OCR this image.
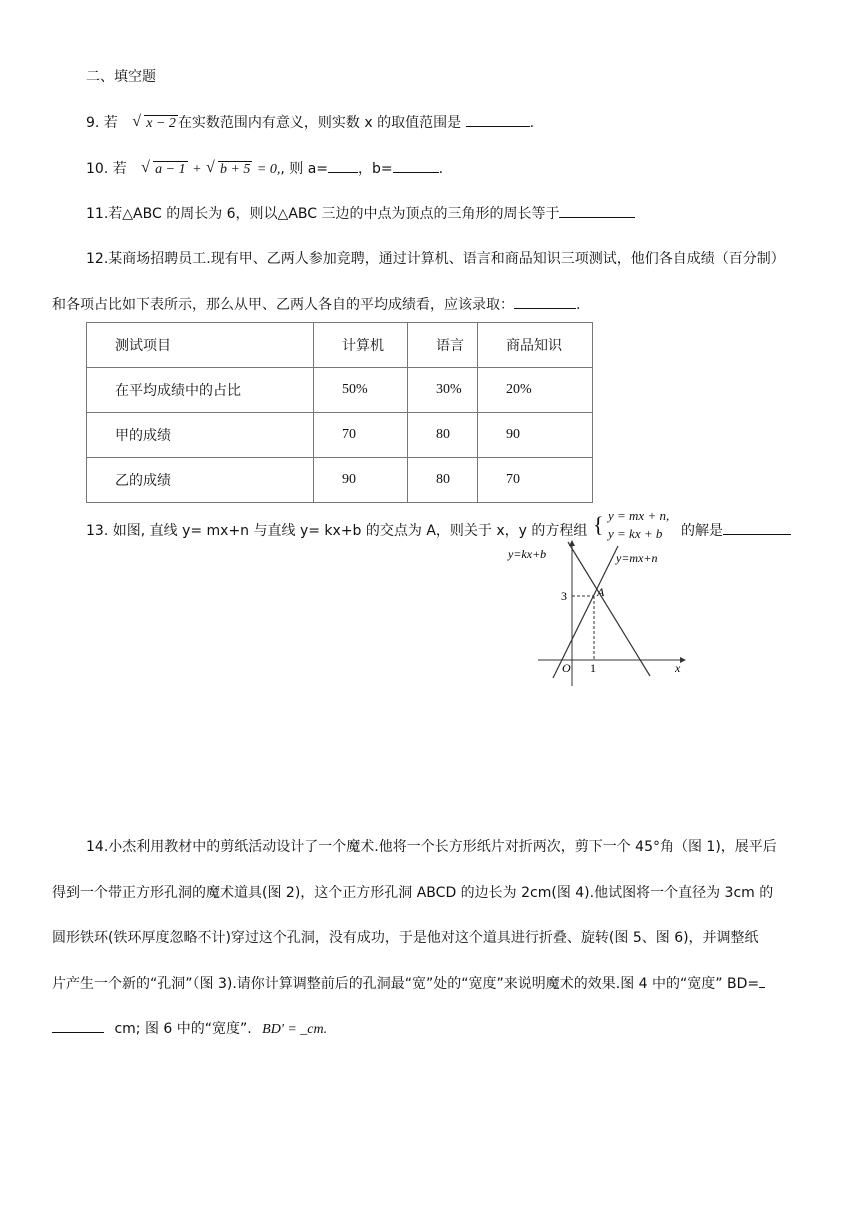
二、填空题
9. 若 √ x − 2 在实数范围内有意义，则实数 x 的取值范围是	.
10. 若 √ a − 1 + √ b + 5 = 0,, 则 a= ，b=	.
11.若△ABC 的周长为 6，则以△ABC 三边的中点为顶点的三角形的周长等于
12.某商场招聘员工.现有甲、乙两人参加竞聘，通过计算机、语言和商品知识三项测试，他们各自成绩（百分制）
和各项占比如下表所示，那么从甲、乙两人各自的平均成绩看，应该录取：	.
测试项目	计算机	语言	商品知识
在平均成绩中的占比	50%	30%	20%
甲的成绩	70	80	90
乙的成绩	90	80	70
13. 如图, 直线 y= mx+n 与直线 y= kx+b 的交点为 A，则关于 x，y 的方程组 { y = mx + n,
y = kx + b 的解是
y=kx+b	y=mx+n
A
3
1
O	x
14.小杰利用教材中的剪纸活动设计了一个魔术.他将一个长方形纸片对折两次，剪下一个 45°角（图 1)，展平后
得到一个带正方形孔洞的魔术道具(图 2)，这个正方形孔洞 ABCD 的边长为 2cm(图 4).他试图将一个直径为 3cm 的
圆形铁环(铁环厚度忽略不计)穿过这个孔洞，没有成功，于是他对这个道具进行折叠、旋转(图 5、图 6)，并调整纸
片产生一个新的“孔洞”（图 3).请你计算调整前后的孔洞最“宽”处的“宽度”来说明魔术的效果.图 4 中的“宽度” BD=
cm; 图 6 中的“宽度”. BD' = _cm.
